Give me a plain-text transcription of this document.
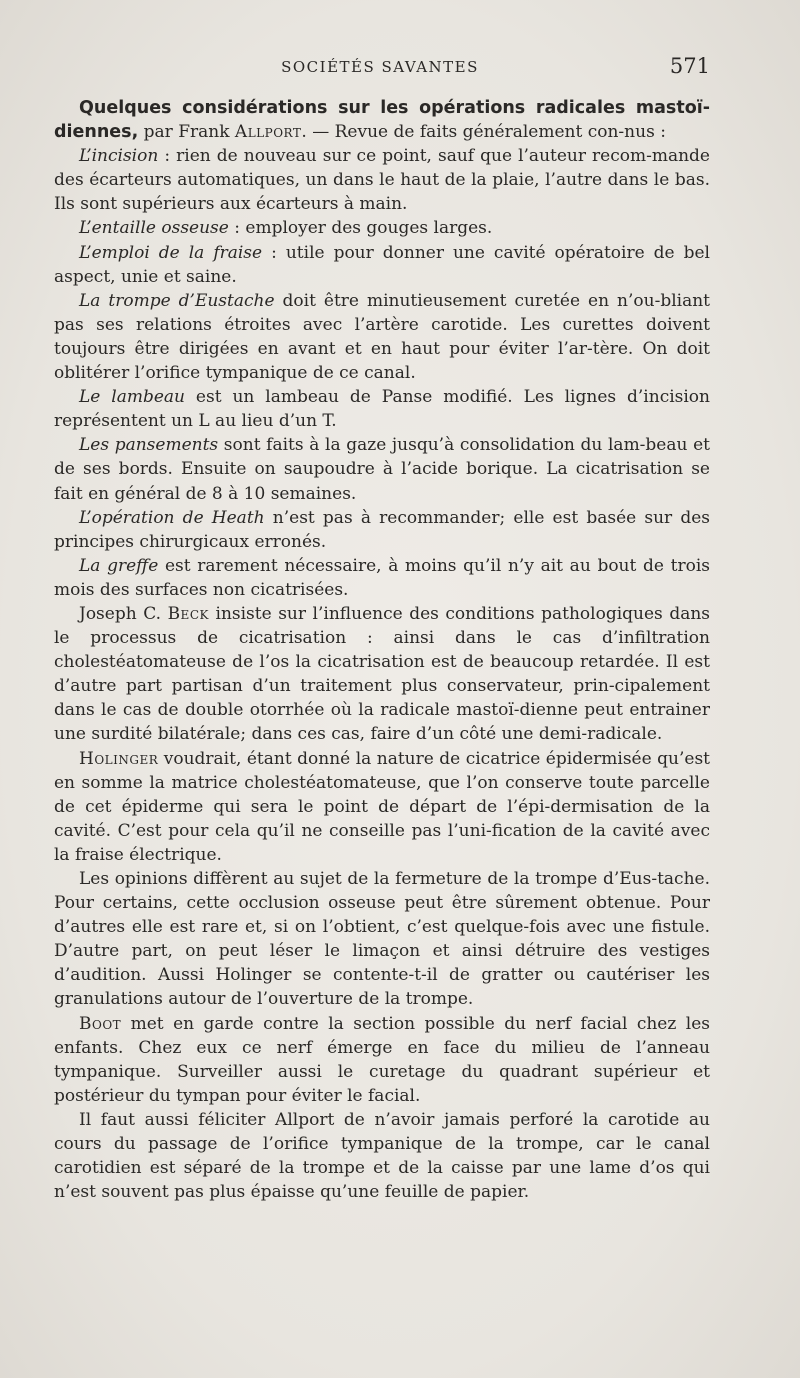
SOCIÉTÉS SAVANTES	571

Quelques considérations sur les opérations radicales mastoï-diennes, par Frank Allport. — Revue de faits généralement con-nus :

L’incision : rien de nouveau sur ce point, sauf que l’auteur recom-mande des écarteurs automatiques, un dans le haut de la plaie, l’autre dans le bas. Ils sont supérieurs aux écarteurs à main.

L’entaille osseuse : employer des gouges larges.

L’emploi de la fraise : utile pour donner une cavité opératoire de bel aspect, unie et saine.

La trompe d’Eustache doit être minutieusement curetée en n’ou-bliant pas ses relations étroites avec l’artère carotide. Les curettes doivent toujours être dirigées en avant et en haut pour éviter l’ar-tère. On doit oblitérer l’orifice tympanique de ce canal.

Le lambeau est un lambeau de Panse modifié. Les lignes d’incision représentent un L au lieu d’un T.

Les pansements sont faits à la gaze jusqu’à consolidation du lam-beau et de ses bords. Ensuite on saupoudre à l’acide borique. La cicatrisation se fait en général de 8 à 10 semaines.

L’opération de Heath n’est pas à recommander; elle est basée sur des principes chirurgicaux erronés.

La greffe est rarement nécessaire, à moins qu’il n’y ait au bout de trois mois des surfaces non cicatrisées.

Joseph C. Beck insiste sur l’influence des conditions pathologiques dans le processus de cicatrisation : ainsi dans le cas d’infiltration cholestéatomateuse de l’os la cicatrisation est de beaucoup retardée. Il est d’autre part partisan d’un traitement plus conservateur, prin-cipalement dans le cas de double otorrhée où la radicale mastoï-dienne peut entrainer une surdité bilatérale; dans ces cas, faire d’un côté une demi-radicale.

Holinger voudrait, étant donné la nature de cicatrice épidermisée qu’est en somme la matrice cholestéatomateuse, que l’on conserve toute parcelle de cet épiderme qui sera le point de départ de l’épi-dermisation de la cavité. C’est pour cela qu’il ne conseille pas l’uni-fication de la cavité avec la fraise électrique.

Les opinions diffèrent au sujet de la fermeture de la trompe d’Eus-tache. Pour certains, cette occlusion osseuse peut être sûrement obtenue. Pour d’autres elle est rare et, si on l’obtient, c’est quelque-fois avec une fistule. D’autre part, on peut léser le limaçon et ainsi détruire des vestiges d’audition. Aussi Holinger se contente-t-il de gratter ou cautériser les granulations autour de l’ouverture de la trompe.

Boot met en garde contre la section possible du nerf facial chez les enfants. Chez eux ce nerf émerge en face du milieu de l’anneau tympanique. Surveiller aussi le curetage du quadrant supérieur et postérieur du tympan pour éviter le facial.

Il faut aussi féliciter Allport de n’avoir jamais perforé la carotide au cours du passage de l’orifice tympanique de la trompe, car le canal carotidien est séparé de la trompe et de la caisse par une lame d’os qui n’est souvent pas plus épaisse qu’une feuille de papier.
